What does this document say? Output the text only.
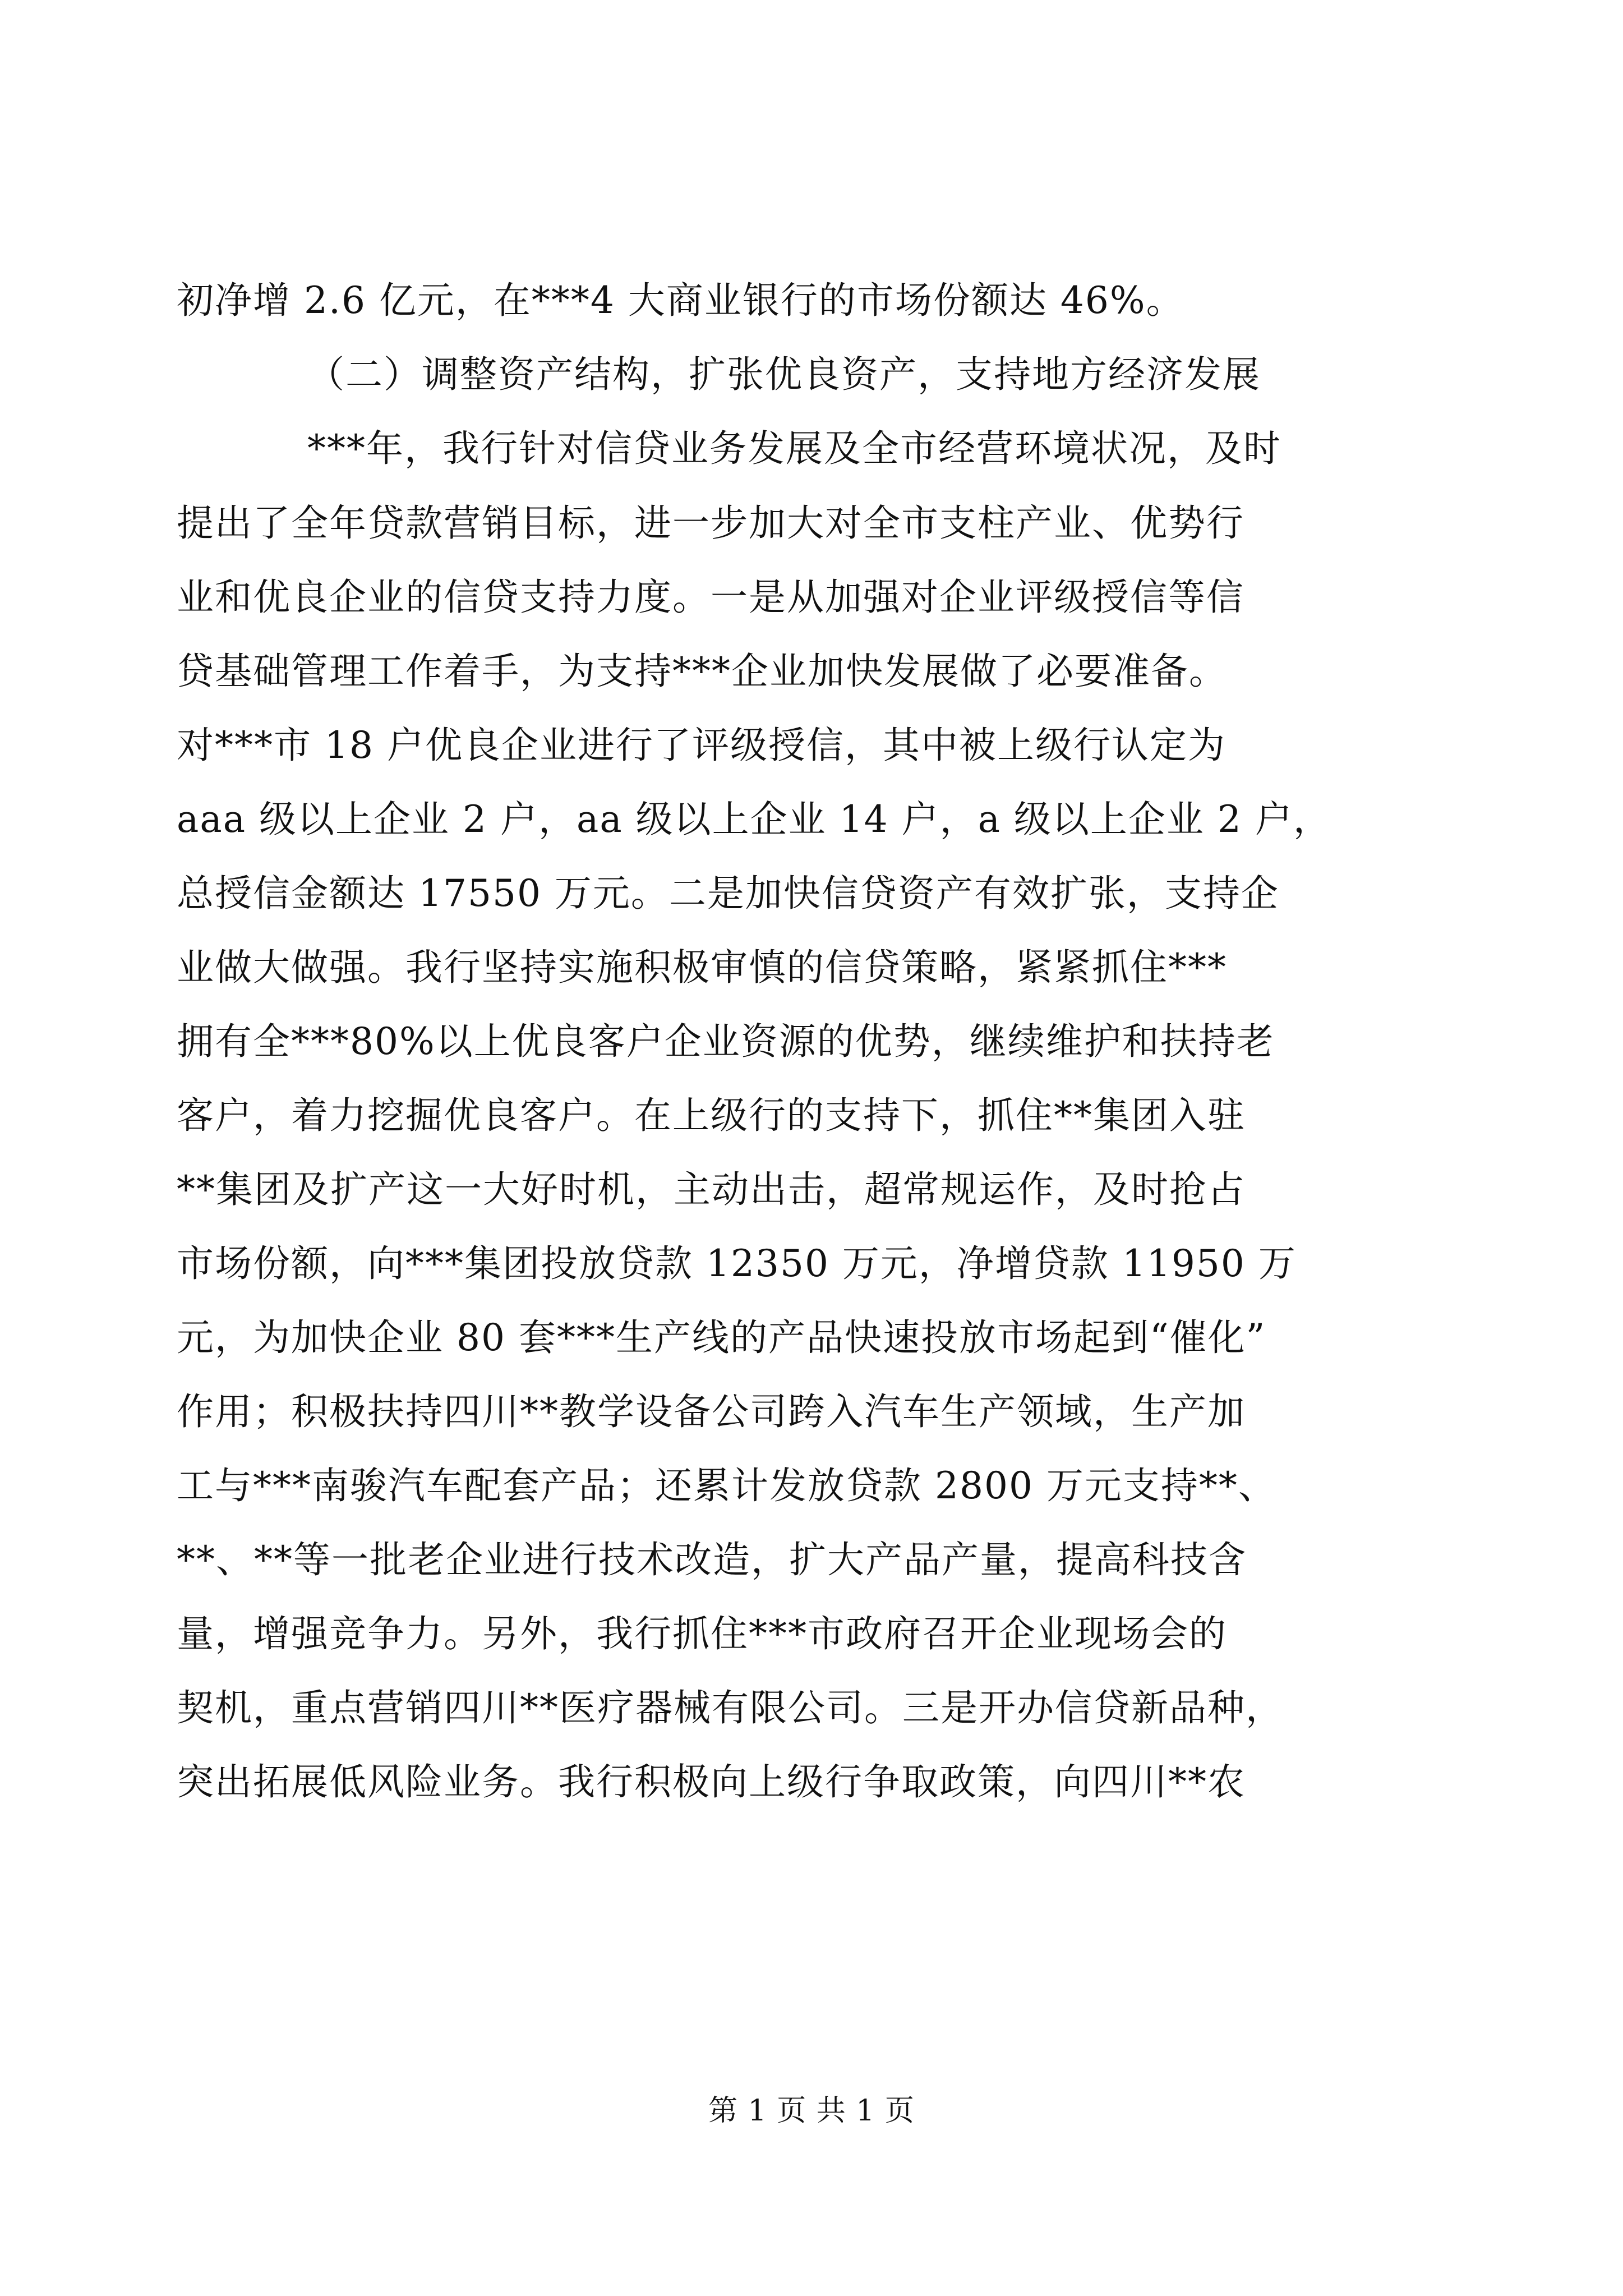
初净增 2.6 亿元，在***4 大商业银行的市场份额达 46%。
（二）调整资产结构，扩张优良资产，支持地方经济发展
***年，我行针对信贷业务发展及全市经营环境状况，及时
提出了全年贷款营销目标，进一步加大对全市支柱产业、优势行
业和优良企业的信贷支持力度。一是从加强对企业评级授信等信
贷基础管理工作着手，为支持***企业加快发展做了必要准备。
对***市 18 户优良企业进行了评级授信，其中被上级行认定为
aaa 级以上企业 2 户，aa 级以上企业 14 户，a 级以上企业 2 户，
总授信金额达 17550 万元。二是加快信贷资产有效扩张，支持企
业做大做强。我行坚持实施积极审慎的信贷策略，紧紧抓住***
拥有全***80%以上优良客户企业资源的优势，继续维护和扶持老
客户，着力挖掘优良客户。在上级行的支持下，抓住**集团入驻
**集团及扩产这一大好时机，主动出击，超常规运作，及时抢占
市场份额，向***集团投放贷款 12350 万元，净增贷款 11950 万
元，为加快企业 80 套***生产线的产品快速投放市场起到“催化”
作用；积极扶持四川**教学设备公司跨入汽车生产领域，生产加
工与***南骏汽车配套产品；还累计发放贷款 2800 万元支持**、
**、**等一批老企业进行技术改造，扩大产品产量，提高科技含
量，增强竞争力。另外，我行抓住***市政府召开企业现场会的
契机，重点营销四川**医疗器械有限公司。三是开办信贷新品种，
突出拓展低风险业务。我行积极向上级行争取政策，向四川**农
第 1 页 共 1 页
